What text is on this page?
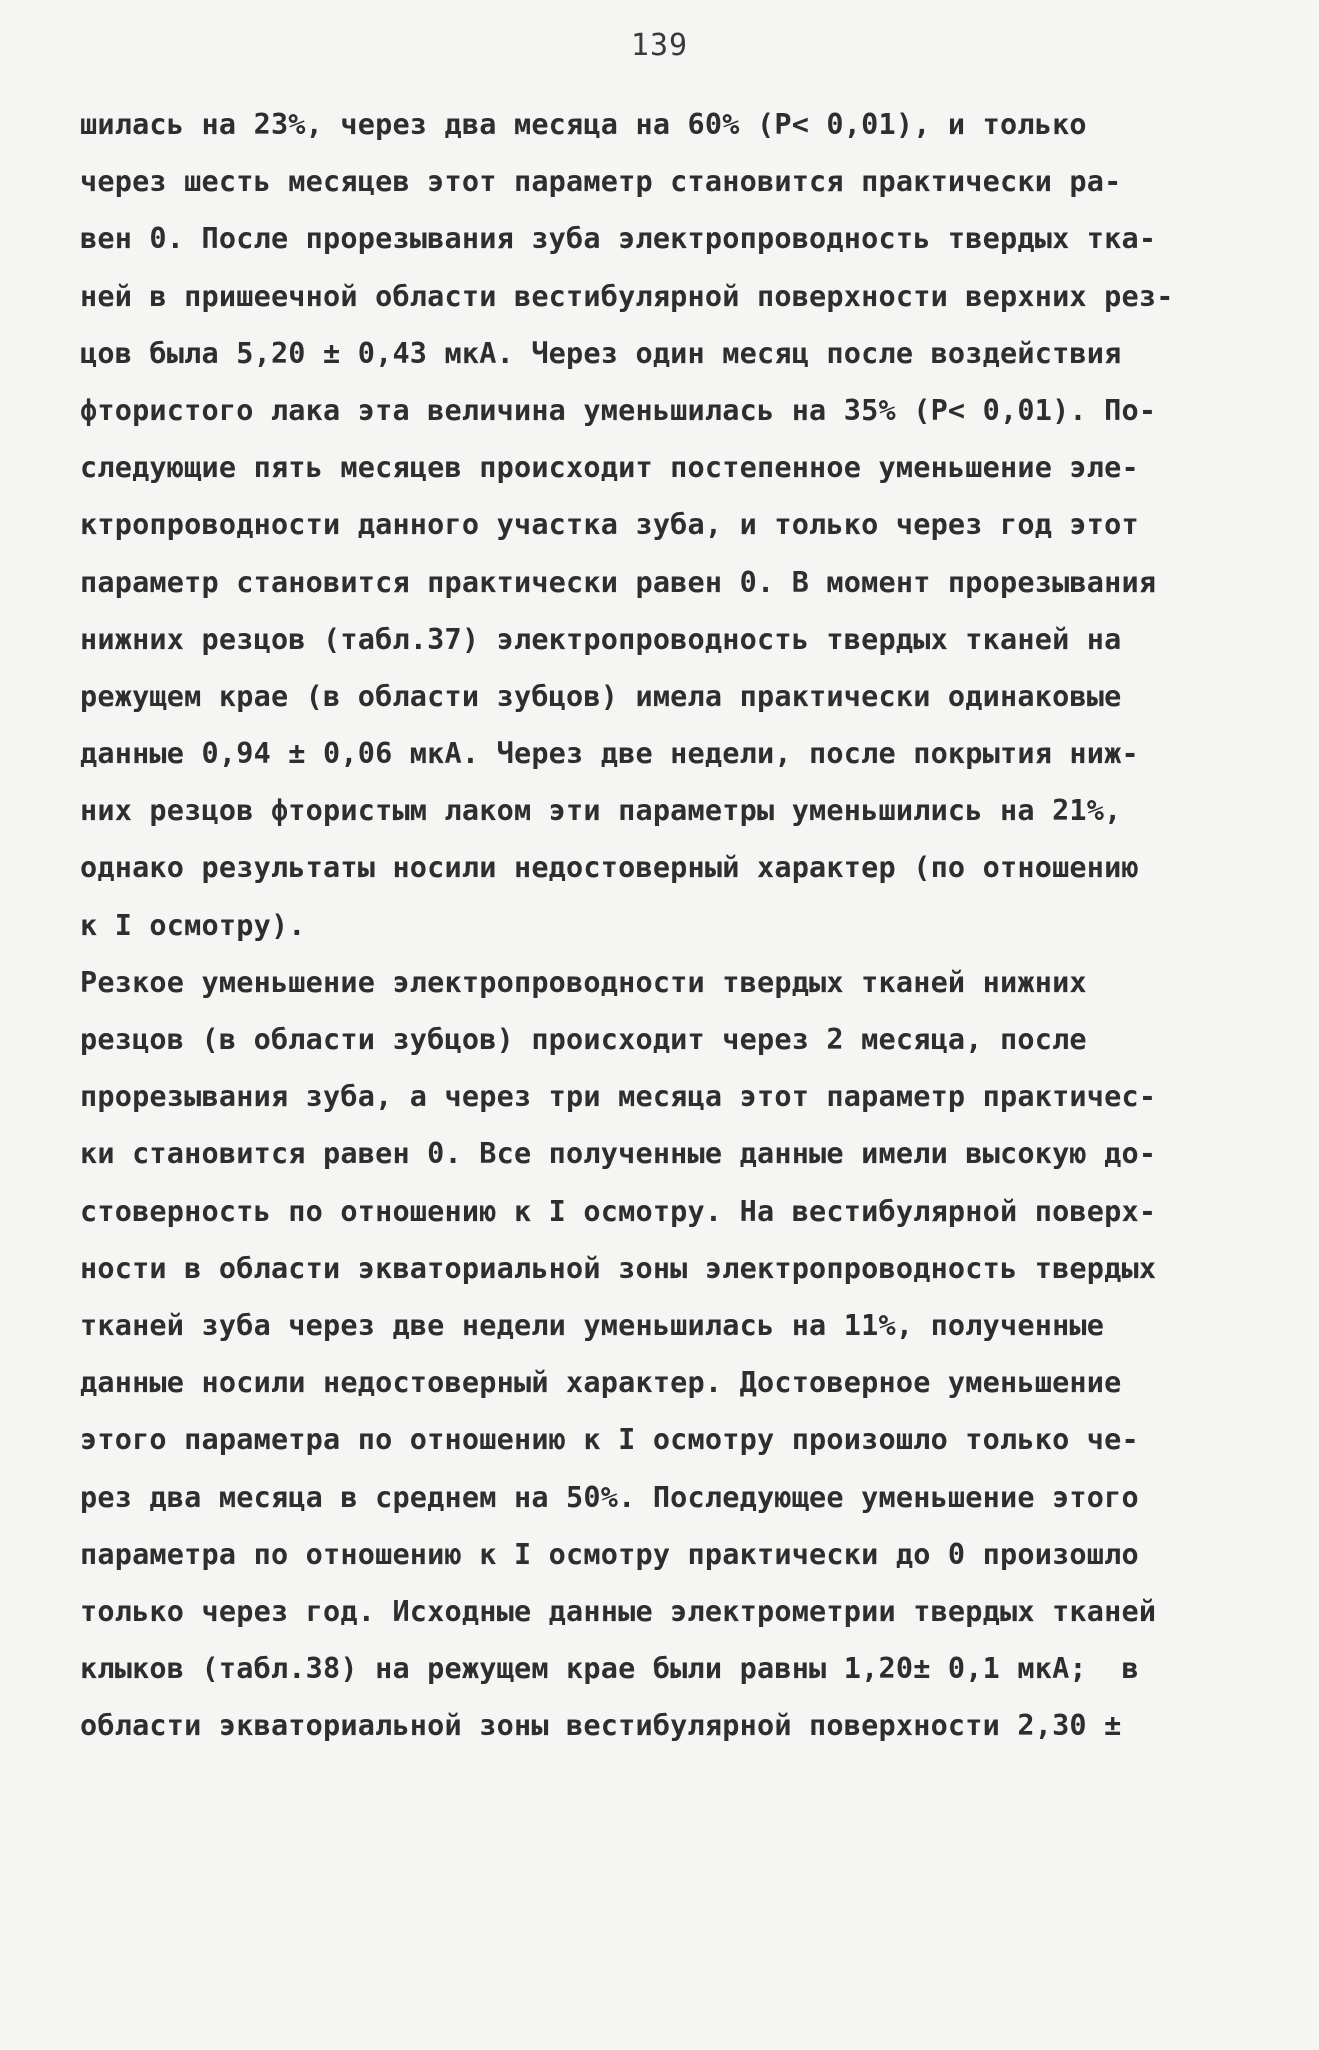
139
шилась на 23%, через два месяца на 60% (P< 0,01), и только
через шесть месяцев этот параметр становится практически ра-
вен 0. После прорезывания зуба электропроводность твердых тка-
ней в пришеечной области вестибулярной поверхности верхних рез-
цов была 5,20 ± 0,43 мкА. Через один месяц после воздействия
фтористого лака эта величина уменьшилась на 35% (P< 0,01). По-
следующие пять месяцев происходит постепенное уменьшение эле-
ктропроводности данного участка зуба, и только через год этот
параметр становится практически равен 0. В момент прорезывания
нижних резцов (табл.37) электропроводность твердых тканей на
режущем крае (в области зубцов) имела практически одинаковые
данные 0,94 ± 0,06 мкА. Через две недели, после покрытия ниж-
них резцов фтористым лаком эти параметры уменьшились на 21%,
однако результаты носили недостоверный характер (по отношению
к I осмотру).
Резкое уменьшение электропроводности твердых тканей нижних
резцов (в области зубцов) происходит через 2 месяца, после
прорезывания зуба, а через три месяца этот параметр практичес-
ки становится равен 0. Все полученные данные имели высокую до-
стоверность по отношению к I осмотру. На вестибулярной поверх-
ности в области экваториальной зоны электропроводность твердых
тканей зуба через две недели уменьшилась на 11%, полученные
данные носили недостоверный характер. Достоверное уменьшение
этого параметра по отношению к I осмотру произошло только че-
рез два месяца в среднем на 50%. Последующее уменьшение этого
параметра по отношению к I осмотру практически до 0 произошло
только через год. Исходные данные электрометрии твердых тканей
клыков (табл.38) на режущем крае были равны 1,20± 0,1 мкА;  в
области экваториальной зоны вестибулярной поверхности 2,30 ±
